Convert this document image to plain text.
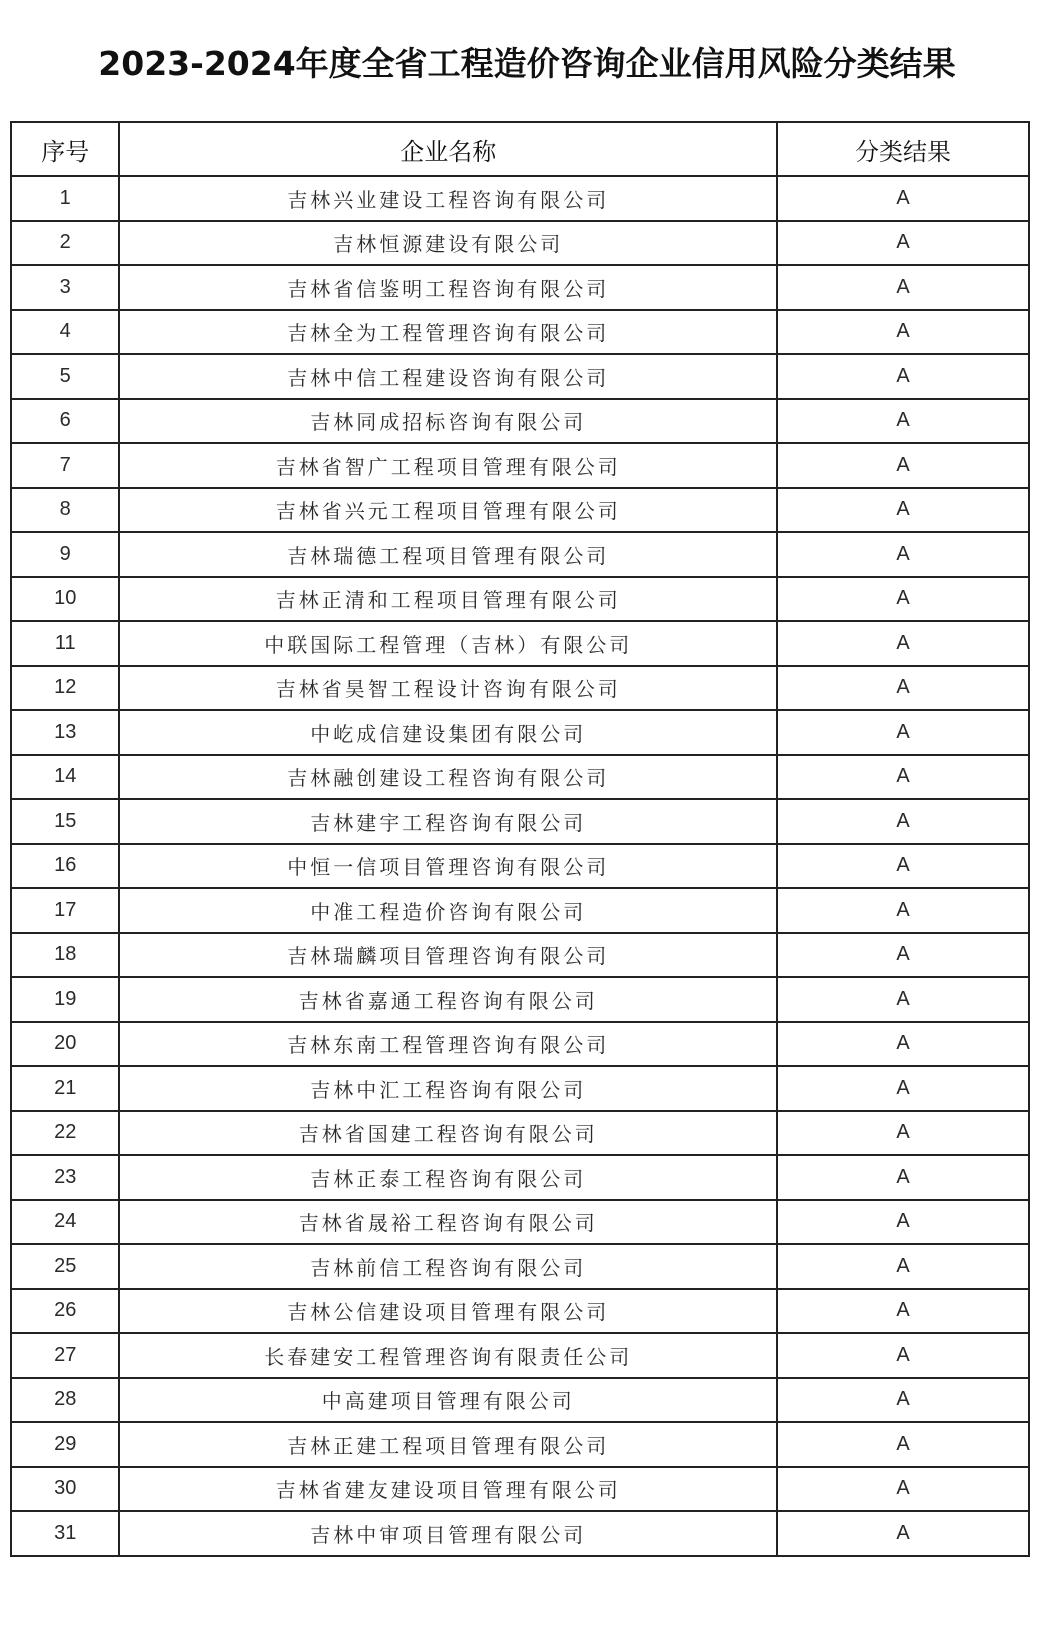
2023-2024年度全省工程造价咨询企业信用风险分类结果
序号	企业名称	分类结果
1	吉林兴业建设工程咨询有限公司	A
2	吉林恒源建设有限公司	A
3	吉林省信鉴明工程咨询有限公司	A
4	吉林全为工程管理咨询有限公司	A
5	吉林中信工程建设咨询有限公司	A
6	吉林同成招标咨询有限公司	A
7	吉林省智广工程项目管理有限公司	A
8	吉林省兴元工程项目管理有限公司	A
9	吉林瑞德工程项目管理有限公司	A
10	吉林正清和工程项目管理有限公司	A
11	中联国际工程管理（吉林）有限公司	A
12	吉林省昊智工程设计咨询有限公司	A
13	中屹成信建设集团有限公司	A
14	吉林融创建设工程咨询有限公司	A
15	吉林建宇工程咨询有限公司	A
16	中恒一信项目管理咨询有限公司	A
17	中准工程造价咨询有限公司	A
18	吉林瑞麟项目管理咨询有限公司	A
19	吉林省嘉通工程咨询有限公司	A
20	吉林东南工程管理咨询有限公司	A
21	吉林中汇工程咨询有限公司	A
22	吉林省国建工程咨询有限公司	A
23	吉林正泰工程咨询有限公司	A
24	吉林省晟裕工程咨询有限公司	A
25	吉林前信工程咨询有限公司	A
26	吉林公信建设项目管理有限公司	A
27	长春建安工程管理咨询有限责任公司	A
28	中高建项目管理有限公司	A
29	吉林正建工程项目管理有限公司	A
30	吉林省建友建设项目管理有限公司	A
31	吉林中审项目管理有限公司	A
